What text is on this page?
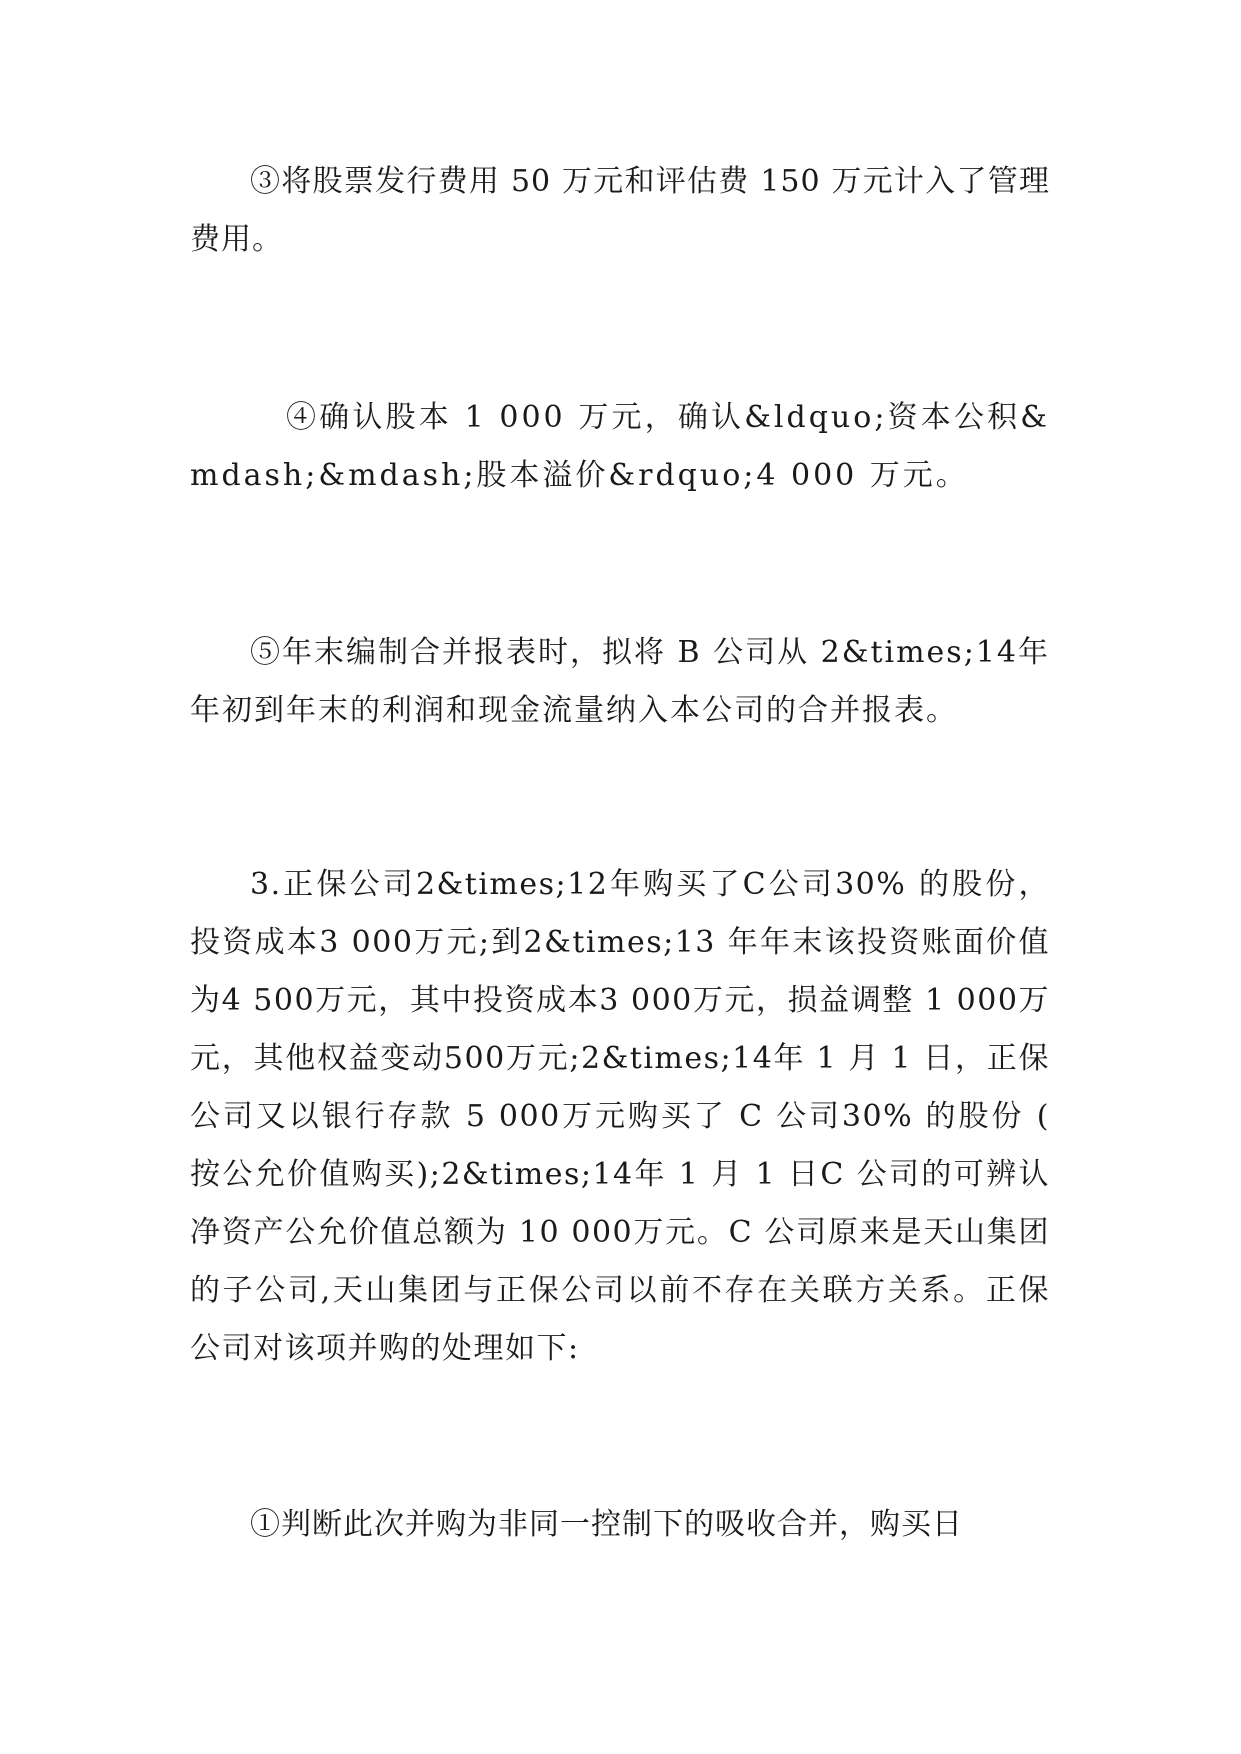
③将股票发行费用 50 万元和评估费 150 万元计入了管理费用。

④确认股本 1 000 万元，确认&ldquo;资本公积&mdash;&mdash;股本溢价&rdquo;4 000 万元。

⑤年末编制合并报表时，拟将 B 公司从 2&times;14年年初到年末的利润和现金流量纳入本公司的合并报表。

3.正保公司2&times;12年购买了C公司30% 的股份，投资成本3 000万元;到2&times;13 年年末该投资账面价值为4 500万元，其中投资成本3 000万元，损益调整 1 000万元，其他权益变动500万元;2&times;14年 1 月 1 日，正保公司又以银行存款 5 000万元购买了 C 公司30% 的股份 ( 按公允价值购买);2&times;14年 1 月 1 日C 公司的可辨认净资产公允价值总额为 10 000万元。C 公司原来是天山集团的子公司,天山集团与正保公司以前不存在关联方关系。正保公司对该项并购的处理如下:

①判断此次并购为非同一控制下的吸收合并，购买日
